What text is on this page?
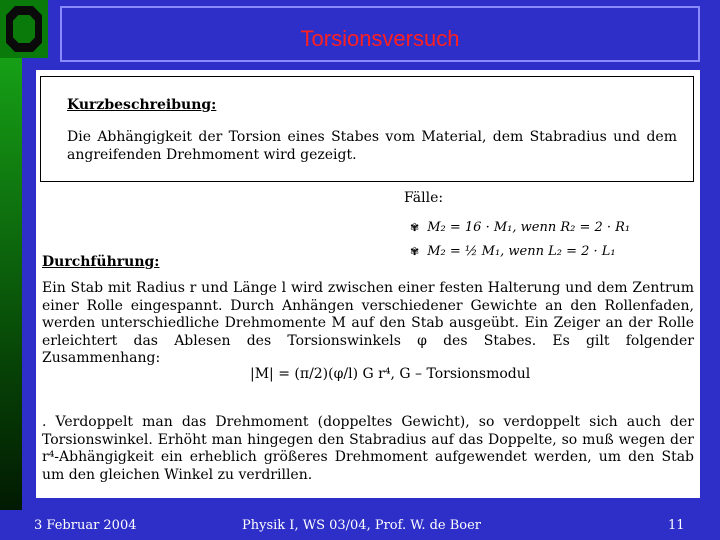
Torsionsversuch
Kurzbeschreibung:
Die Abhängigkeit der Torsion eines Stabes vom Material, dem Stabradius und dem angreifenden Drehmoment wird gezeigt.
Fälle:
✾ M₂ = 16 · M₁, wenn R₂ = 2 · R₁
✾ M₂ = ½ M₁, wenn L₂ = 2 · L₁
Durchführung:
Ein Stab mit Radius r und Länge l wird zwischen einer festen Halterung und dem Zentrum einer Rolle eingespannt. Durch Anhängen verschiedener Gewichte an den Rollenfaden, werden unterschiedliche Drehmomente M auf den Stab ausgeübt. Ein Zeiger an der Rolle erleichtert das Ablesen des Torsionswinkels φ des Stabes. Es gilt folgender Zusammenhang:
|M| = (π/2)(φ/l) G r⁴, G – Torsionsmodul
. Verdoppelt man das Drehmoment (doppeltes Gewicht), so verdoppelt sich auch der Torsionswinkel. Erhöht man hingegen den Stabradius auf das Doppelte, so muß wegen der r⁴-Abhängigkeit ein erheblich größeres Drehmoment aufgewendet werden, um den Stab um den gleichen Winkel zu verdrillen.
3 Februar 2004	Physik I, WS 03/04, Prof. W. de Boer	11
